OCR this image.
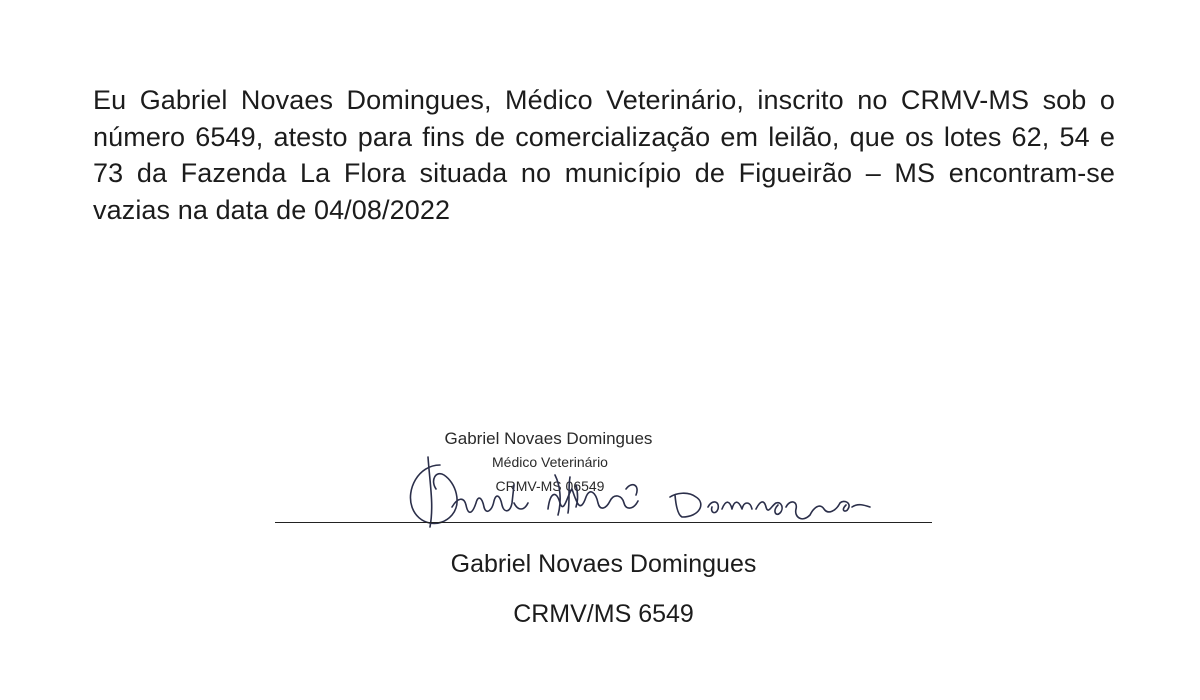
Eu Gabriel Novaes Domingues, Médico Veterinário, inscrito no CRMV-MS sob o número 6549, atesto para fins de comercialização em leilão, que os lotes 62, 54 e 73 da Fazenda La Flora situada no município de Figueirão – MS encontram-se vazias na data de 04/08/2022

Gabriel Novaes Domingues
Médico Veterinário
CRMV-MS 06549
Gabriel Novaes Domingues
CRMV/MS 6549
